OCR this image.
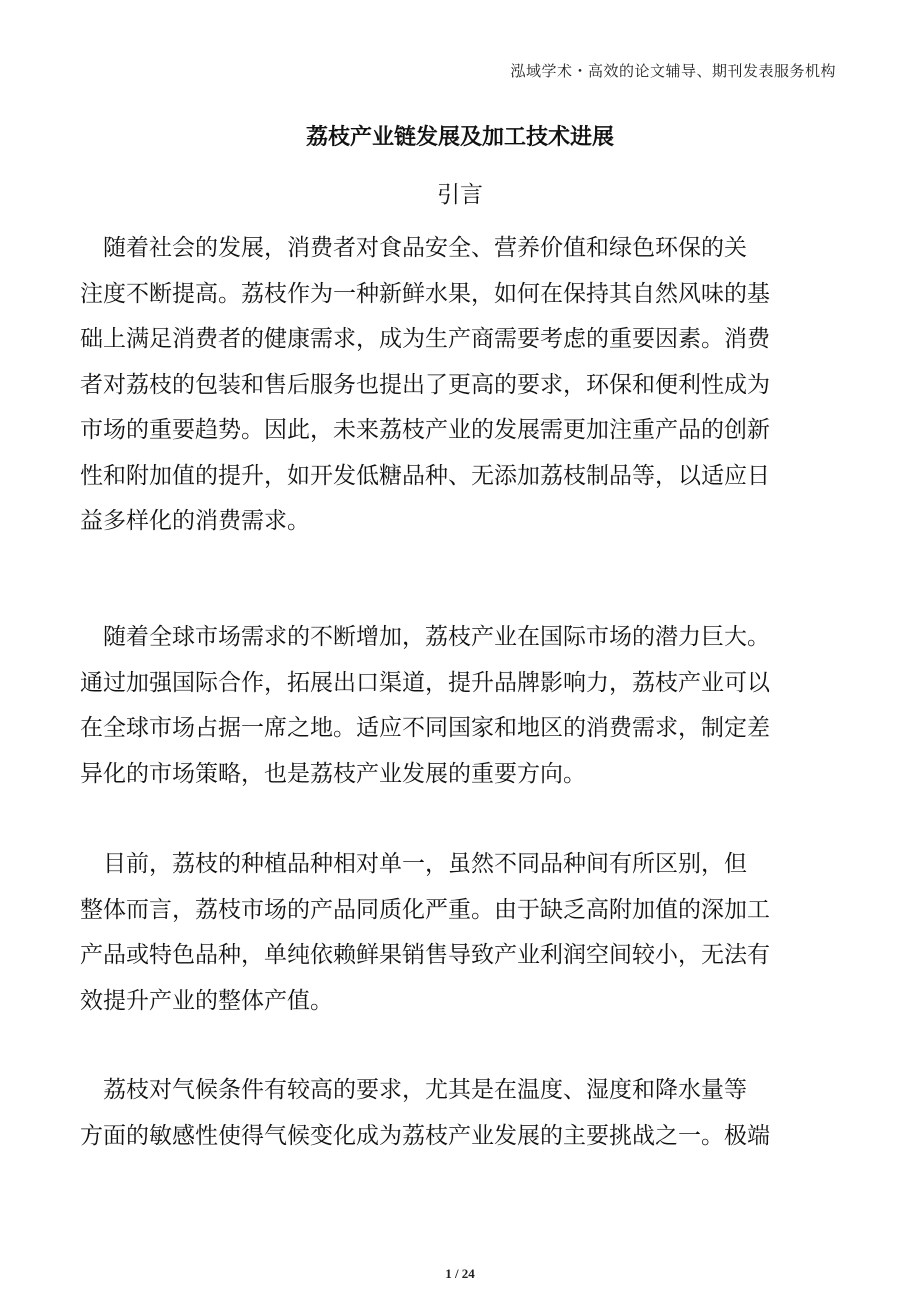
泓域学术・高效的论文辅导、期刊发表服务机构
荔枝产业链发展及加工技术进展
引言
　随着社会的发展，消费者对食品安全、营养价值和绿色环保的关
注度不断提高。荔枝作为一种新鲜水果，如何在保持其自然风味的基
础上满足消费者的健康需求，成为生产商需要考虑的重要因素。消费
者对荔枝的包装和售后服务也提出了更高的要求，环保和便利性成为
市场的重要趋势。因此，未来荔枝产业的发展需更加注重产品的创新
性和附加值的提升，如开发低糖品种、无添加荔枝制品等，以适应日
益多样化的消费需求。
　随着全球市场需求的不断增加，荔枝产业在国际市场的潜力巨大。
通过加强国际合作，拓展出口渠道，提升品牌影响力，荔枝产业可以
在全球市场占据一席之地。适应不同国家和地区的消费需求，制定差
异化的市场策略，也是荔枝产业发展的重要方向。
　目前，荔枝的种植品种相对单一，虽然不同品种间有所区别，但
整体而言，荔枝市场的产品同质化严重。由于缺乏高附加值的深加工
产品或特色品种，单纯依赖鲜果销售导致产业利润空间较小，无法有
效提升产业的整体产值。
　荔枝对气候条件有较高的要求，尤其是在温度、湿度和降水量等
方面的敏感性使得气候变化成为荔枝产业发展的主要挑战之一。极端
1 / 24
